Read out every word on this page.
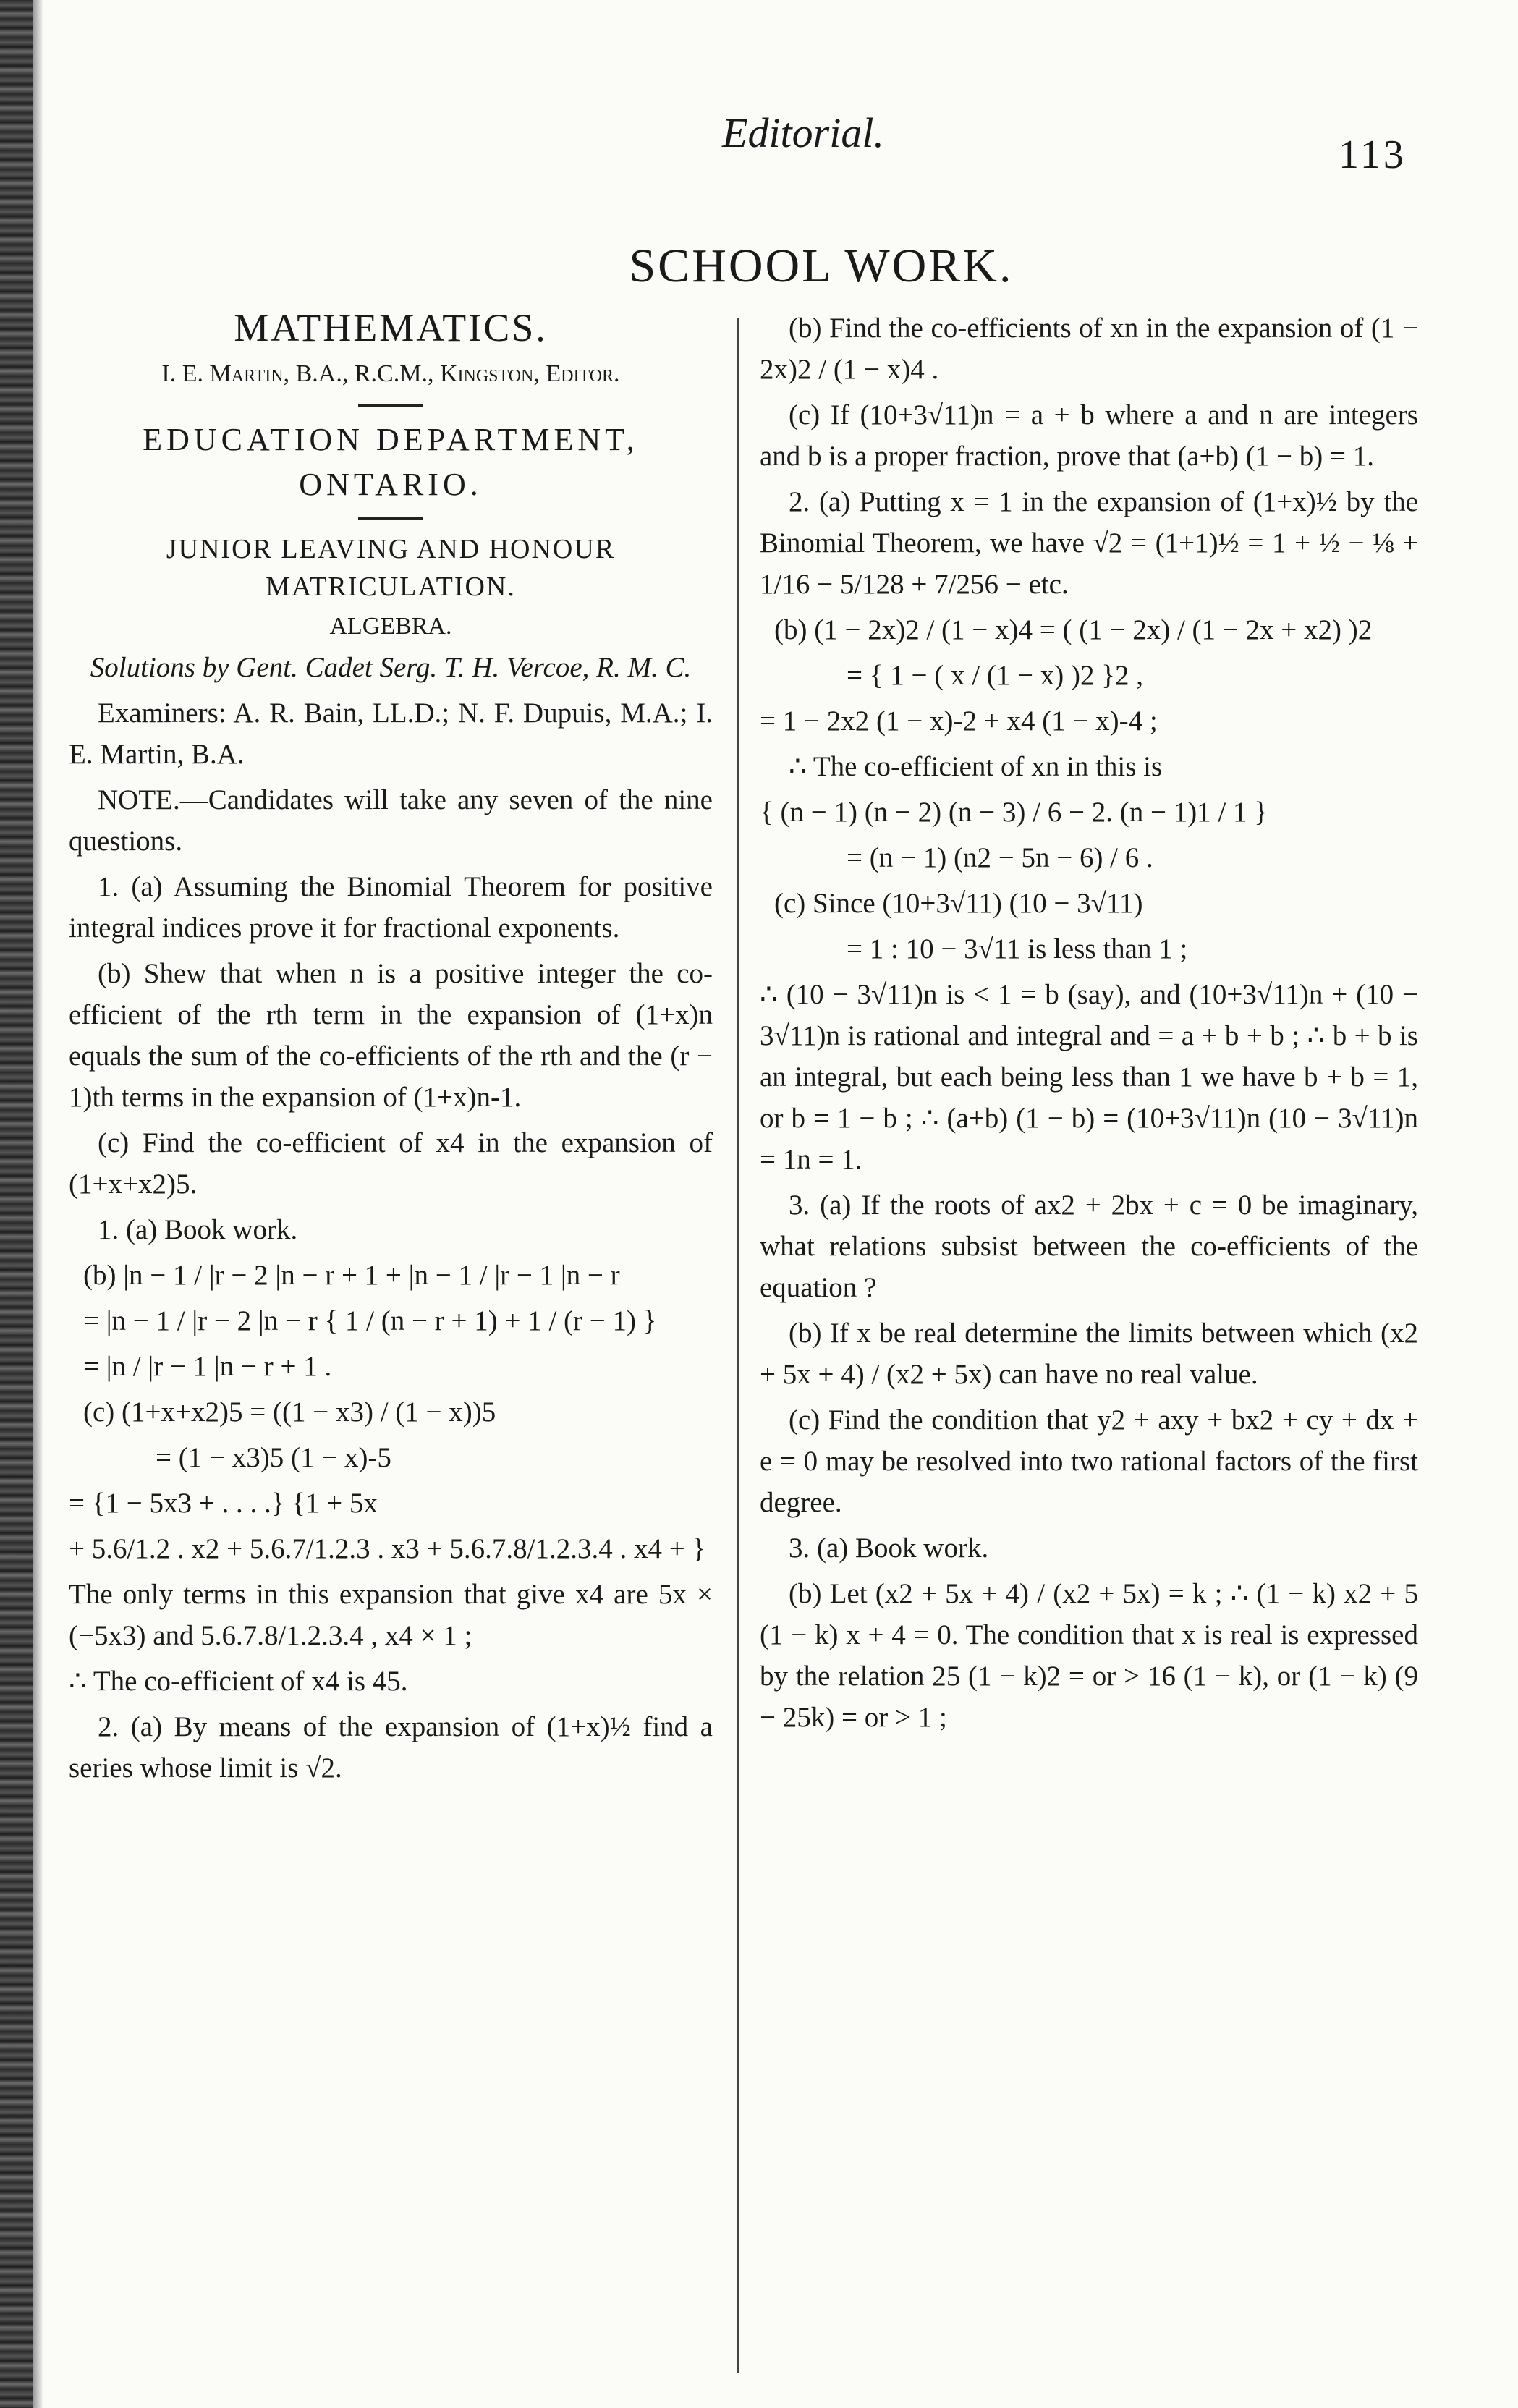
Editorial.	113
SCHOOL WORK.
MATHEMATICS.
I. E. Martin, B.A., R.C.M., Kingston, Editor.
EDUCATION DEPARTMENT,
ONTARIO.
JUNIOR LEAVING AND HONOUR MATRICULATION.
ALGEBRA.

Solutions by Gent. Cadet Serg. T. H. Vercoe, R. M. C.

Examiners: A. R. Bain, LL.D.; N. F. Dupuis, M.A.; I. E. Martin, B.A.

NOTE.—Candidates will take any seven of the nine questions.

1. (a) Assuming the Binomial Theorem for positive integral indices prove it for fractional exponents.

(b) Shew that when n is a positive integer the co-efficient of the rth term in the expansion of (1+x)n equals the sum of the co-efficients of the rth and the (r − 1)th terms in the expansion of (1+x)n-1.

(c) Find the co-efficient of x4 in the expansion of (1+x+x2)5.

1. (a) Book work.

(b) |n − 1 / |r − 2 |n − r + 1 + |n − 1 / |r − 1 |n − r

= |n − 1 / |r − 2 |n − r { 1 / (n − r + 1) + 1 / (r − 1) }

= |n / |r − 1 |n − r + 1 .

(c) (1+x+x2)5 = ((1 − x3) / (1 − x))5

= (1 − x3)5 (1 − x)-5

= {1 − 5x3 + . . . .} {1 + 5x

+ 5.6/1.2 . x2 + 5.6.7/1.2.3 . x3 + 5.6.7.8/1.2.3.4 . x4 + }

The only terms in this expansion that give x4 are 5x × (−5x3) and 5.6.7.8/1.2.3.4 , x4 × 1 ;

∴ The co-efficient of x4 is 45.

2. (a) By means of the expansion of (1+x)½ find a series whose limit is √2.

(b) Find the co-efficients of xn in the expansion of (1 − 2x)2 / (1 − x)4 .

(c) If (10+3√11)n = a + b where a and n are integers and b is a proper fraction, prove that (a+b) (1 − b) = 1.

2. (a) Putting x = 1 in the expansion of (1+x)½ by the Binomial Theorem, we have √2 = (1+1)½ = 1 + ½ − ⅛ + 1/16 − 5/128 + 7/256 − etc.

(b) (1 − 2x)2 / (1 − x)4 = ( (1 − 2x) / (1 − 2x + x2) )2

= { 1 − ( x / (1 − x) )2 }2 ,

= 1 − 2x2 (1 − x)-2 + x4 (1 − x)-4 ;

∴ The co-efficient of xn in this is

{ (n − 1) (n − 2) (n − 3) / 6 − 2. (n − 1)1 / 1 }

= (n − 1) (n2 − 5n − 6) / 6 .

(c) Since (10+3√11) (10 − 3√11)

= 1 : 10 − 3√11 is less than 1 ;

∴ (10 − 3√11)n is < 1 = b (say), and (10+3√11)n + (10 − 3√11)n is rational and integral and = a + b + b ; ∴ b + b is an integral, but each being less than 1 we have b + b = 1, or b = 1 − b ; ∴ (a+b) (1 − b) = (10+3√11)n (10 − 3√11)n = 1n = 1.

3. (a) If the roots of ax2 + 2bx + c = 0 be imaginary, what relations subsist between the co-efficients of the equation ?

(b) If x be real determine the limits between which (x2 + 5x + 4) / (x2 + 5x) can have no real value.

(c) Find the condition that y2 + axy + bx2 + cy + dx + e = 0 may be resolved into two rational factors of the first degree.

3. (a) Book work.

(b) Let (x2 + 5x + 4) / (x2 + 5x) = k ; ∴ (1 − k) x2 + 5 (1 − k) x + 4 = 0. The condition that x is real is expressed by the relation 25 (1 − k)2 = or > 16 (1 − k), or (1 − k) (9 − 25k) = or > 1 ;
